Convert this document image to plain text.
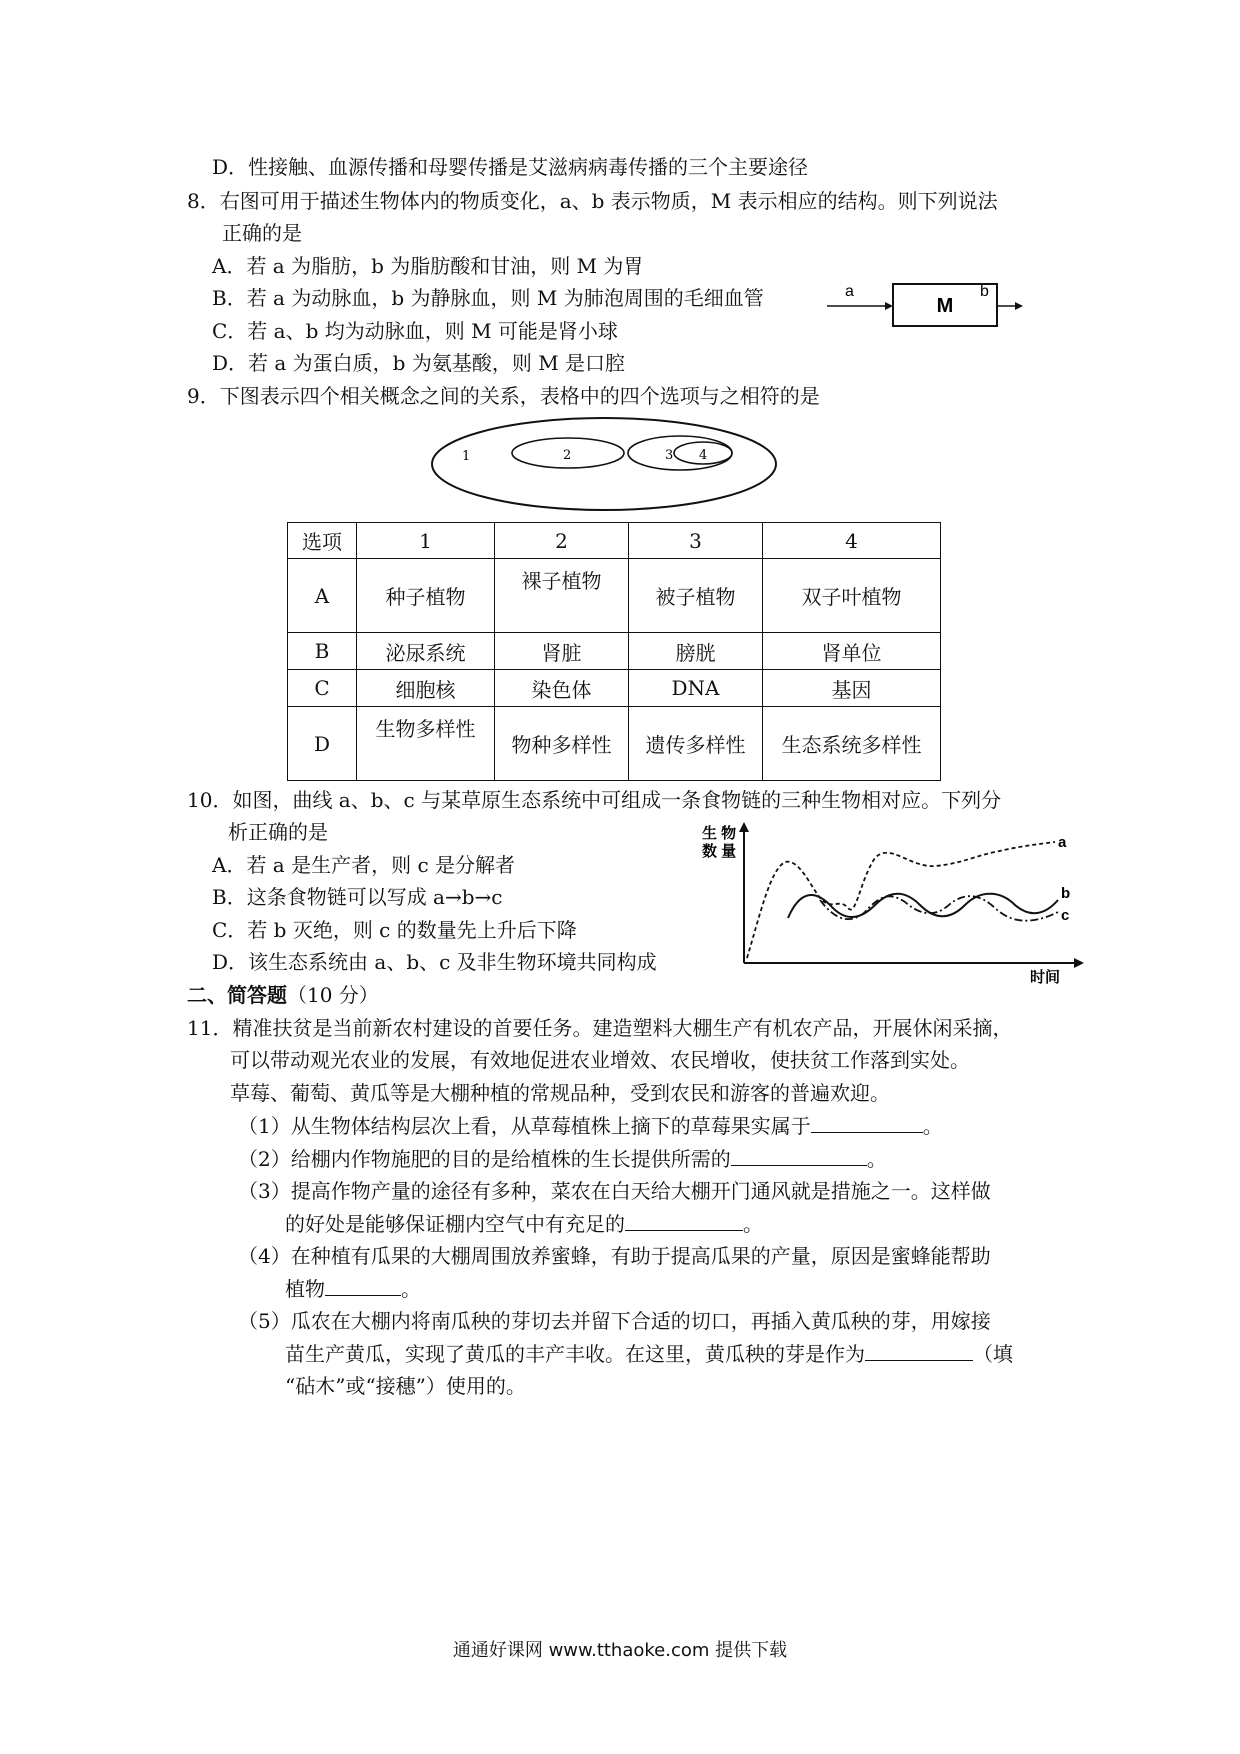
D．性接触、血源传播和母婴传播是艾滋病病毒传播的三个主要途径
8．右图可用于描述生物体内的物质变化，a、b 表示物质，M 表示相应的结构。则下列说法
正确的是
A．若 a 为脂肪，b 为脂肪酸和甘油，则 M 为胃
B．若 a 为动脉血，b 为静脉血，则 M 为肺泡周围的毛细血管
C．若 a、b 均为动脉血，则 M 可能是肾小球
D．若 a 为蛋白质，b 为氨基酸，则 M 是口腔
a
M
b
9．下图表示四个相关概念之间的关系，表格中的四个选项与之相符的是
1	2	3 4
选项	1	2	3	4
A	种子植物	裸子植物	被子植物	双子叶植物
B	泌尿系统	肾脏	膀胱	肾单位
C	细胞核	染色体	DNA	基因
D	生物多样性	物种多样性	遗传多样性	生态系统多样性
10．如图，曲线 a、b、c 与某草原生态系统中可组成一条食物链的三种生物相对应。下列分
析正确的是
A．若 a 是生产者，则 c 是分解者
B．这条食物链可以写成 a→b→c
C．若 b 灭绝，则 c 的数量先上升后下降
D．该生态系统由 a、b、c 及非生物环境共同构成
生 物
数 量
时间
a
b
c
二、简答题（10 分）
11．精准扶贫是当前新农村建设的首要任务。建造塑料大棚生产有机农产品，开展休闲采摘，
可以带动观光农业的发展，有效地促进农业增效、农民增收，使扶贫工作落到实处。
草莓、葡萄、黄瓜等是大棚种植的常规品种，受到农民和游客的普遍欢迎。
（1）从生物体结构层次上看，从草莓植株上摘下的草莓果实属于	。
（2）给棚内作物施肥的目的是给植株的生长提供所需的	。
（3）提高作物产量的途径有多种，菜农在白天给大棚开门通风就是措施之一。这样做
的好处是能够保证棚内空气中有充足的	。
（4）在种植有瓜果的大棚周围放养蜜蜂，有助于提高瓜果的产量，原因是蜜蜂能帮助
植物	。
（5）瓜农在大棚内将南瓜秧的芽切去并留下合适的切口，再插入黄瓜秧的芽，用嫁接
苗生产黄瓜，实现了黄瓜的丰产丰收。在这里，黄瓜秧的芽是作为	（填
“砧木”或“接穗”）使用的。
通通好课网 www.tthaoke.com 提供下载
